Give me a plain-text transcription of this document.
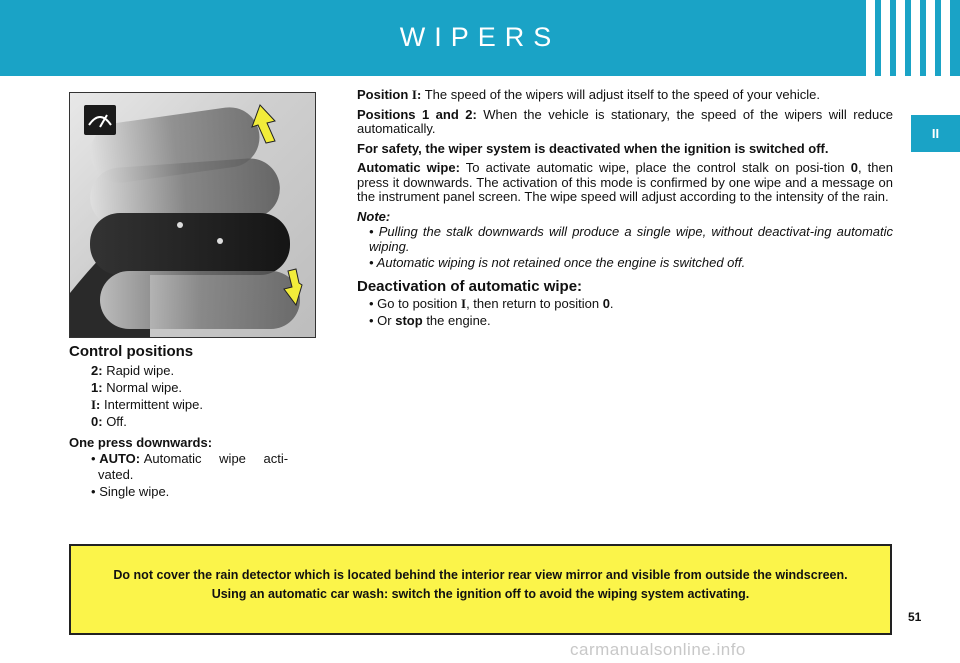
WIPERS
II
Control positions
2: Rapid wipe.
1: Normal wipe.
I: Intermittent wipe.
0: Off.
One press downwards:
• AUTO: Automatic wipe acti-
vated.
• Single wipe.

Position I: The speed of the wipers will adjust itself to the speed of your vehicle.

Positions 1 and 2: When the vehicle is stationary, the speed of the wipers will reduce automatically.

For safety, the wiper system is deactivated when the ignition is switched off.

Automatic wipe: To activate automatic wipe, place the control stalk on posi-tion 0, then press it downwards. The activation of this mode is confirmed by one wipe and a message on the instrument panel screen. The wipe speed will adjust according to the intensity of the rain.

Note:
• Pulling the stalk downwards will produce a single wipe, without deactivat-ing automatic wiping.
• Automatic wiping is not retained once the engine is switched off.
Deactivation of automatic wipe:
• Go to position I, then return to position 0.
• Or stop the engine.

Do not cover the rain detector which is located behind the interior rear view mirror and visible from outside the windscreen.

Using an automatic car wash: switch the ignition off to avoid the wiping system activating.

51
carmanualsonline.info
